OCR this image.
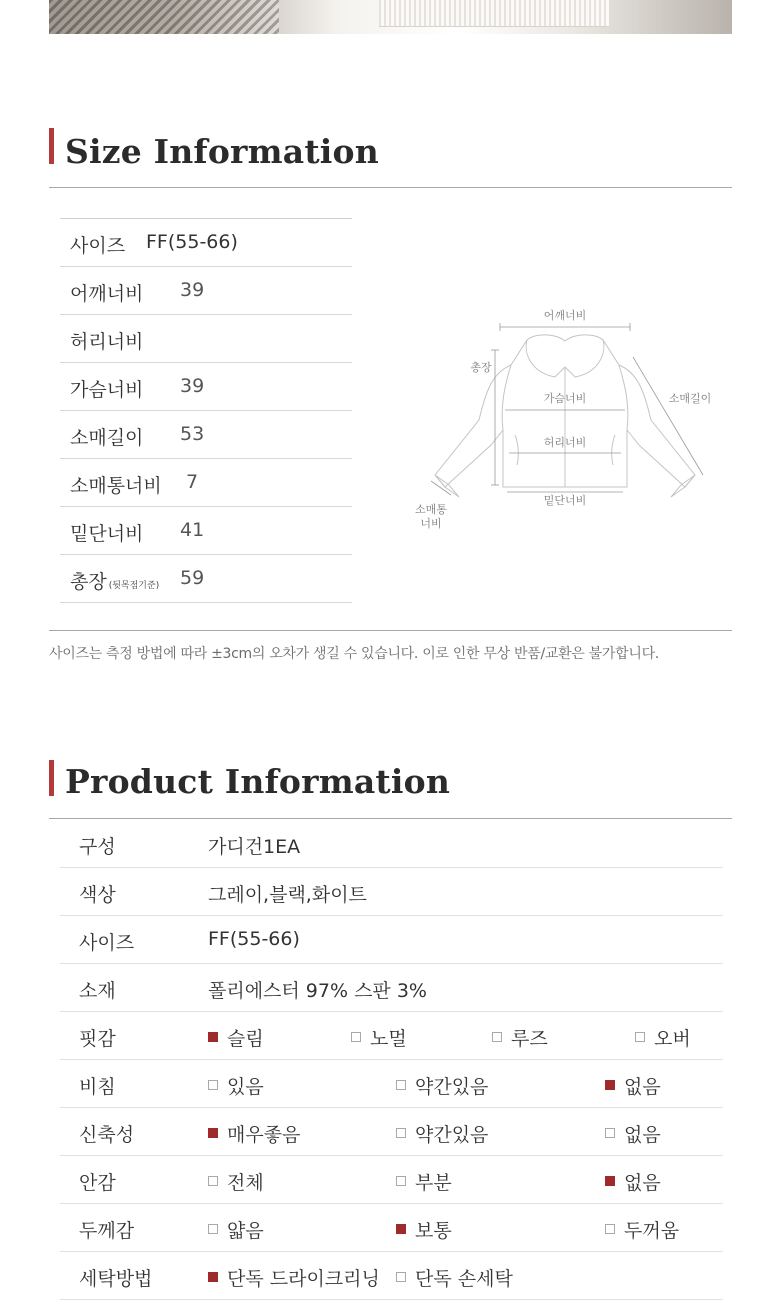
Size Information
사이즈 FF(55-66)
어깨너비 39
허리너비
가슴너비 39
소매길이 53
소매통너비 7
밑단너비 41
총장 (뒷목점기준) 59
어깨너비
총장
가슴너비	소매길이
허리너비
밑단너비
소매통
너비
사이즈는 측정 방법에 따라 ±3cm의 오차가 생길 수 있습니다. 이로 인한 무상 반품/교환은 불가합니다.
Product Information
구성	가디건1EA
색상	그레이,블랙,화이트
사이즈	FF(55-66)
소재	폴리에스터 97% 스판 3%
핏감	슬림	노멀	루즈	오버
비침	있음	약간있음	없음
신축성	매우좋음	약간있음	없음
안감	전체	부분	없음
두께감	얇음	보통	두꺼움
세탁방법	단독 드라이크리닝	단독 손세탁
